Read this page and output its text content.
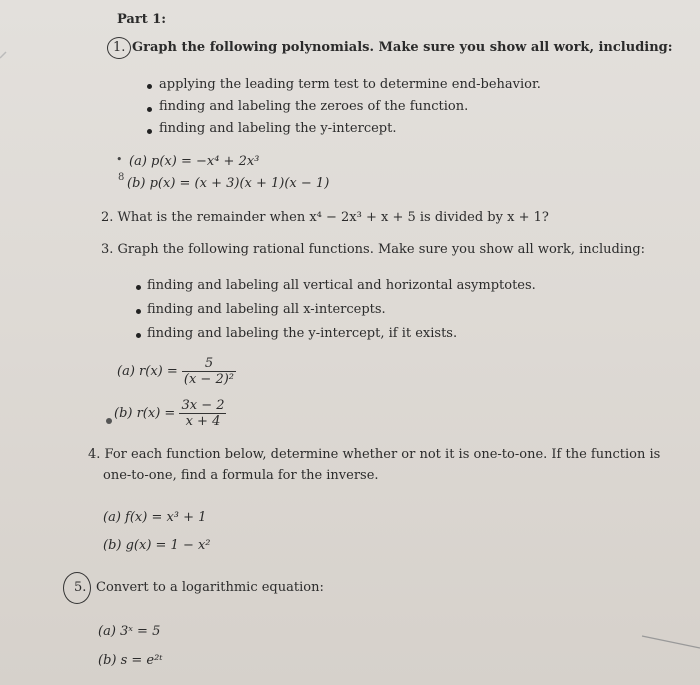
Part 1:
1. Graph the following polynomials. Make sure you show all work, including:
applying the leading term test to determine end-behavior.
finding and labeling the zeroes of the function.
finding and labeling the y-intercept.
• (a) p(x) = −x⁴ + 2x³
8 (b) p(x) = (x + 3)(x + 1)(x − 1)
2. What is the remainder when x⁴ − 2x³ + x + 5 is divided by x + 1?
3. Graph the following rational functions. Make sure you show all work, including:
finding and labeling all vertical and horizontal asymptotes.
finding and labeling all x-intercepts.
finding and labeling the y-intercept, if it exists.
(a) $r(x) = \frac{5}{\text{(x − 2)²}}$
(b) $r(x) = \frac{3x - 2}{x + 4}$
4. For each function below, determine whether or not it is one-to-one. If the function is
one-to-one, find a formula for the inverse.
(a) f(x) = x³ + 1
(b) g(x) = 1 − x²
5. Convert to a logarithmic equation:
(a) 3ˣ = 5
(b) s = e²ᵗ
